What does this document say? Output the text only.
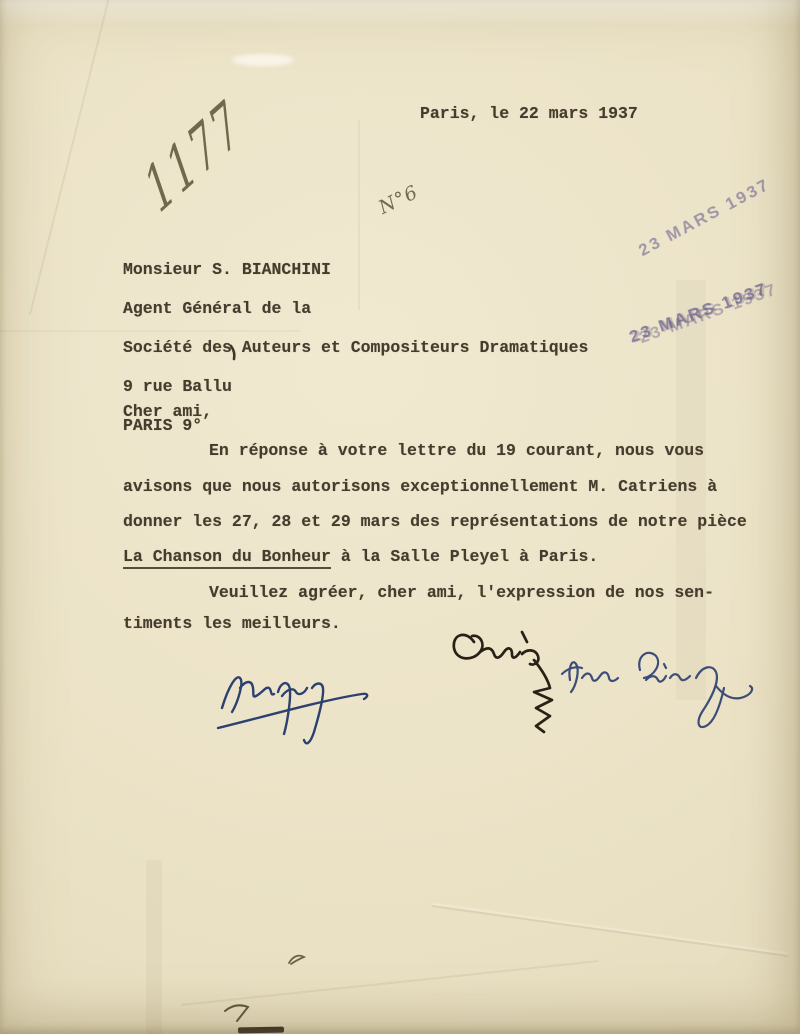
Paris, le 22 mars 1937

Monsieur S. BIANCHINI

Agent Général de la

Société des Auteurs et Compositeurs Dramatiques

9 rue Ballu

PARIS 9°

Cher ami,
En réponse à votre lettre du 19 courant, nous vous
avisons que nous autorisons exceptionnellement M. Catriens à
donner les 27, 28 et 29 mars des représentations de notre pièce
La Chanson du Bonheur à la Salle Pleyel à Paris.
Veuillez agréer, cher ami, l'expression de nos sen-
timents les meilleurs.
23 MARS 1937
23 MARS 1937
1177	N°6
